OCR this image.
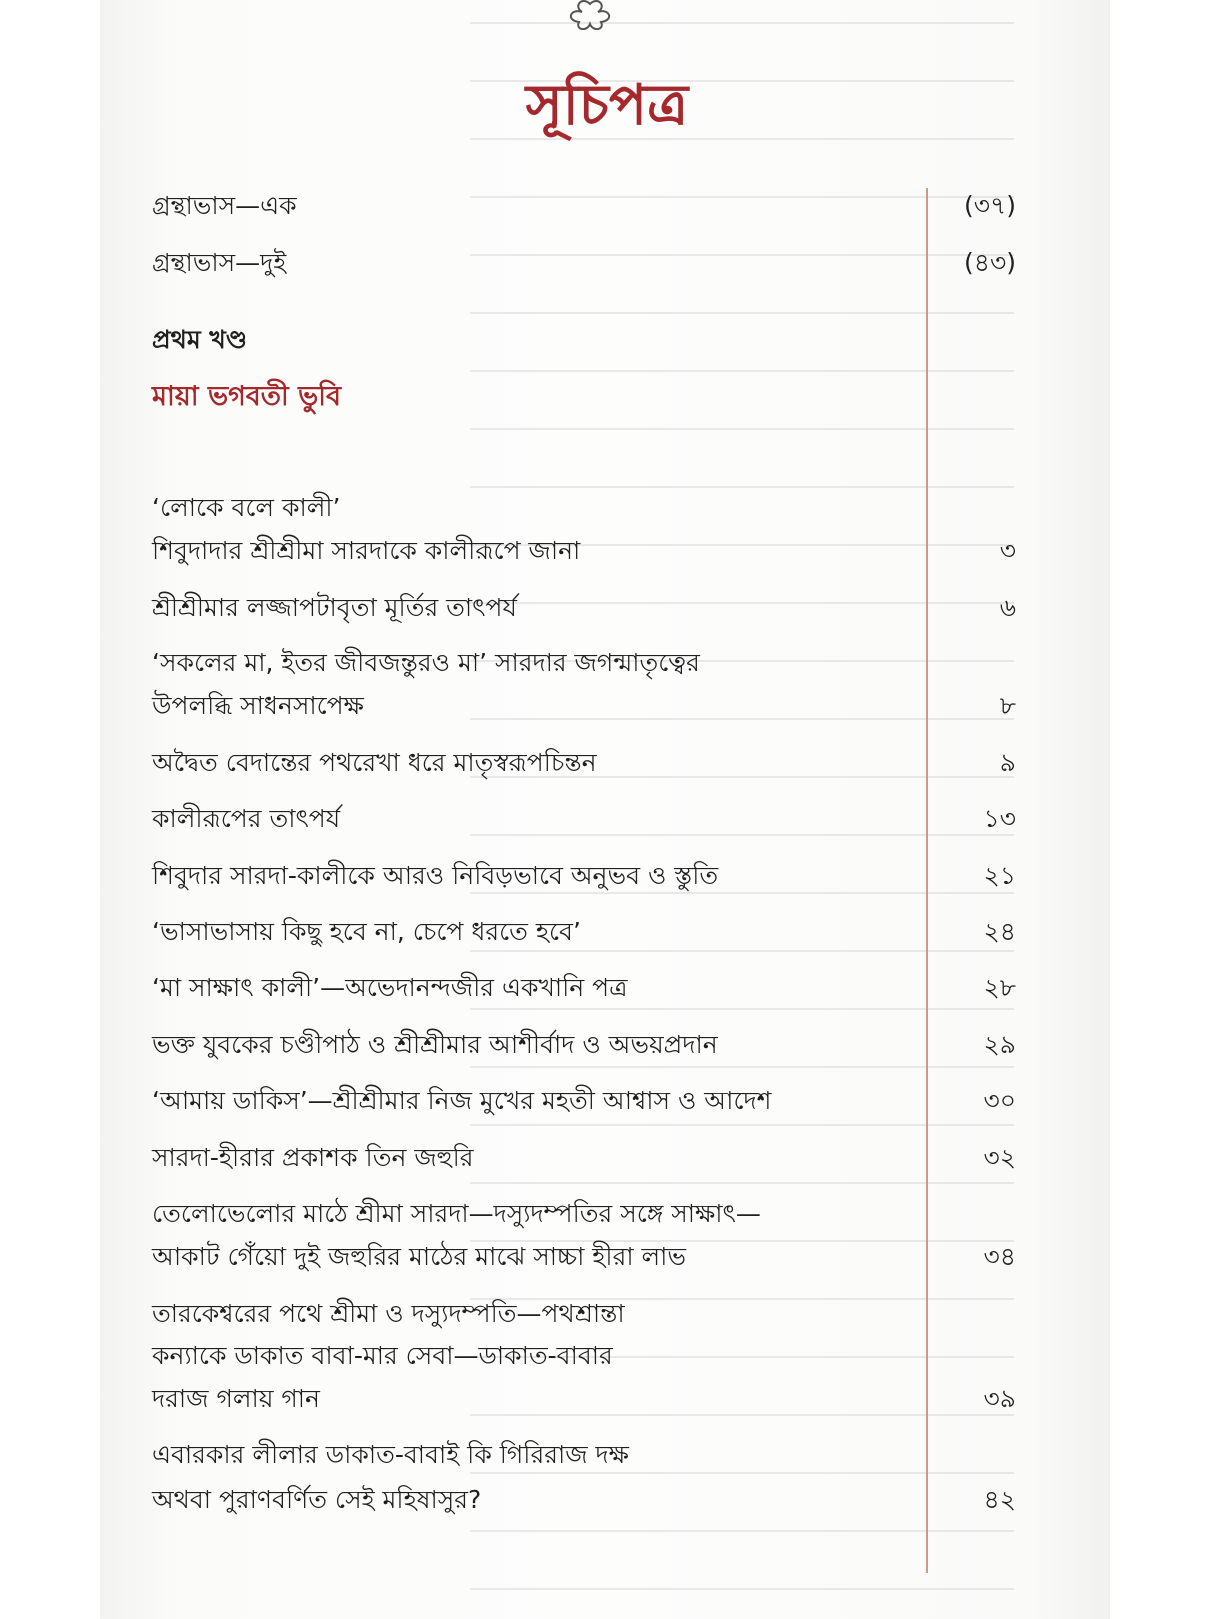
সূচিপত্র
গ্রন্থাভাস—এক	(৩৭)
গ্রন্থাভাস—দুই	(৪৩)
প্রথম খণ্ড
মায়া ভগবতী ভুবি
‘লোকে বলে কালী’
শিবুদাদার শ্রীশ্রীমা সারদাকে কালীরূপে জানা	৩
শ্রীশ্রীমার লজ্জাপটাবৃতা মূর্তির তাৎপর্য	৬
‘সকলের মা, ইতর জীবজন্তুরও মা’ সারদার জগন্মাতৃত্বের
উপলব্ধি সাধনসাপেক্ষ	৮
অদ্বৈত বেদান্তের পথরেখা ধরে মাতৃস্বরূপচিন্তন	৯
কালীরূপের তাৎপর্য	১৩
শিবুদার সারদা-কালীকে আরও নিবিড়ভাবে অনুভব ও স্তুতি	২১
‘ভাসাভাসায় কিছু হবে না, চেপে ধরতে হবে’	২৪
‘মা সাক্ষাৎ কালী’—অভেদানন্দজীর একখানি পত্র	২৮
ভক্ত যুবকের চণ্ডীপাঠ ও শ্রীশ্রীমার আশীর্বাদ ও অভয়প্রদান	২৯
‘আমায় ডাকিস’—শ্রীশ্রীমার নিজ মুখের মহতী আশ্বাস ও আদেশ	৩০
সারদা-হীরার প্রকাশক তিন জহুরি	৩২
তেলোভেলোর মাঠে শ্রীমা সারদা—দস্যুদম্পতির সঙ্গে সাক্ষাৎ—
আকাট গেঁয়ো দুই জহুরির মাঠের মাঝে সাচ্চা হীরা লাভ	৩৪
তারকেশ্বরের পথে শ্রীমা ও দস্যুদম্পতি—পথশ্রান্তা
কন্যাকে ডাকাত বাবা-মার সেবা—ডাকাত-বাবার
দরাজ গলায় গান	৩৯
এবারকার লীলার ডাকাত-বাবাই কি গিরিরাজ দক্ষ
অথবা পুরাণবর্ণিত সেই মহিষাসুর?	৪২
